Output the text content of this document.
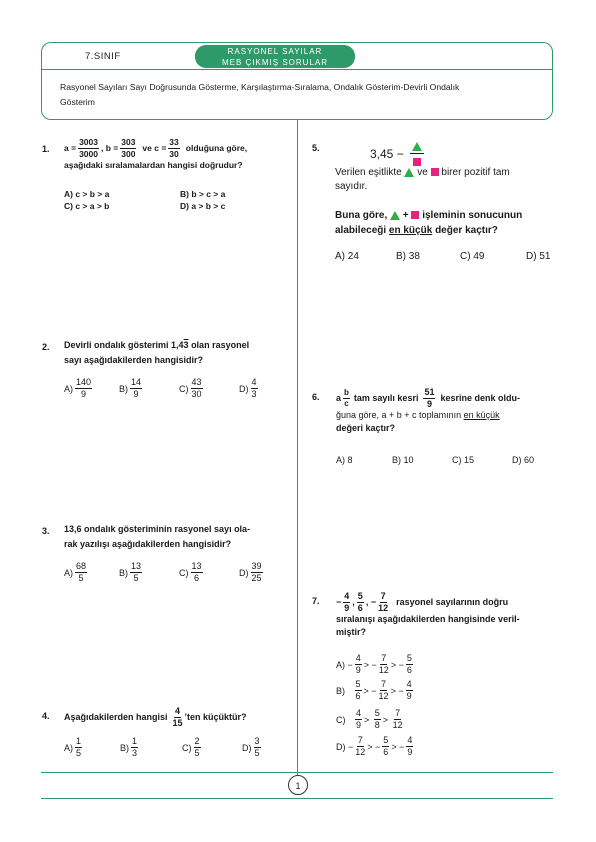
7.SINIF	RASYONEL SAYILAR
MEB ÇIKMIŞ SORULAR
Rasyonel Sayıları Sayı Doğrusunda Gösterme, Karşılaştırma-Sıralama, Ondalık Gösterim-Devirli Ondalık
Gösterim
1. $a = \frac{3003}{3000}$ , $b = \frac{303}{300}$ ve $c = \frac{33}{30}$ olduğuna göre,
aşağıdaki sıralamalardan hangisi doğrudur?
A) c > b > a	B) b > c > a
C) c > a > b	D) a > b > c
2. Devirli ondalık gösterimi 1,43 olan rasyonel
sayı aşağıdakilerden hangisidir?
$A) \frac{140}{9}$	$B) \frac{14}{9}$	$C) \frac{43}{30}$	$D) \frac{4}{3}$
3. 13,6 ondalık gösteriminin rasyonel sayı ola-
rak yazılışı aşağıdakilerden hangisidir?
$A) \frac{68}{5}$	$B) \frac{13}{5}$	$C) \frac{13}{6}$	$D) \frac{39}{25}$
4. Aşağıdakilerden hangisi $\frac{4}{15}$ ’ten küçüktür?
$A) \frac{1}{5}$	$B) \frac{1}{3}$	$C) \frac{2}{5}$	$D) \frac{3}{5}$
5.	3,45 −
Verilen eşitlikte ve birer pozitif tam
sayıdır.
Buna göre,  +  işleminin sonucunun
alabileceği en küçük değer kaçtır?
A) 24	B) 38	C) 49	D) 51
6. a $\frac{b}{c}$ tam sayılı kesri $\frac{51}{9}$ kesrine denk oldu-
ğuna göre, a + b + c toplamının en küçük
değeri kaçtır?
A) 8	B) 10	C) 15	D) 60
7. − $\frac{4}{9}$ , $\frac{5}{6}$ , − $\frac{7}{12}$ rasyonel sayılarının doğru
sıralanışı aşağıdakilerden hangisinde veril-
miştir?
$A) - \frac{4}{9}$ > − $\frac{7}{12}$ > − $\frac{5}{6}$
B)
$\frac{5}{6}$ > − $\frac{7}{12}$ > − $\frac{4}{9}$
C)
$\frac{4}{9} > \frac{5}{8} > \frac{7}{12}$
$D) - \frac{7}{12}$ > − $\frac{5}{6}$ > − $\frac{4}{9}$
1
